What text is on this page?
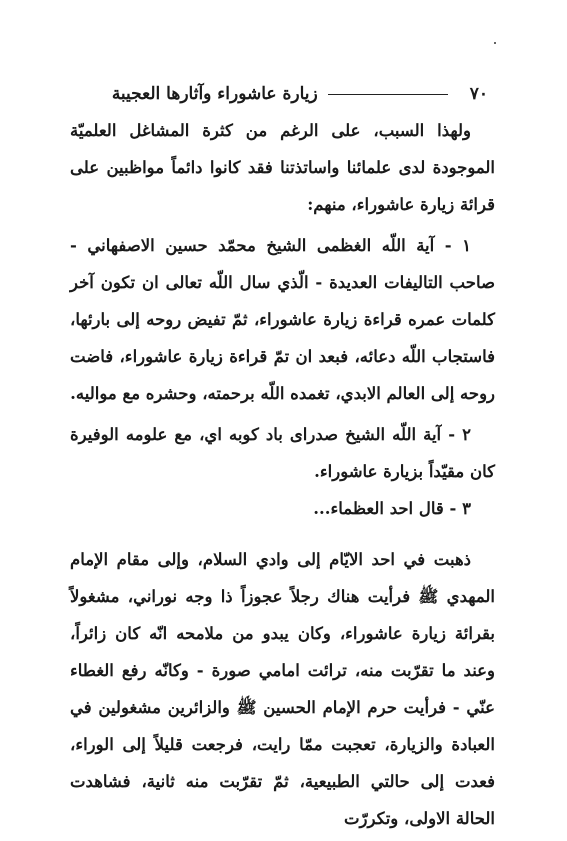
٧٠
زيارة عاشوراء وآثارها العجيبة

ولهذا السبب، على الرغم من كثرة المشاغل العلميّة الموجودة لدى علمائنا واساتذتنا فقد كانوا دائماً مواظبين على قرائة زيارة عاشوراء، منهم:

١ - آية اللّه الغظمى الشيخ محمّد حسين الاصفهاني - صاحب التاليفات العديدة - الّذي سال اللّه تعالى ان تكون آخر كلمات عمره قراءة زيارة عاشوراء، ثمّ تفيض روحه إلى بارئها، فاستجاب اللّه دعائه، فبعد ان تمّ قراءة زيارة عاشوراء، فاضت روحه إلى العالم الابدي، تغمده اللّه برحمته، وحشره مع مواليه.

٢ - آية اللّه الشيخ صدراى باد كوبه اي، مع علومه الوفيرة كان مقيّداً بزيارة عاشوراء.

٣ - قال احد العظماء...

ذهبت في احد الايّام إلى وادي السلام، وإلى مقام الإمام المهدي ﷺ فرأيت هناك رجلاً عجوزاً ذا وجه نوراني، مشغولاً بقرائة زيارة عاشوراء، وكان يبدو من ملامحه انّه كان زائراً، وعند ما تقرّبت منه، ترائت امامي صورة - وكانّه رفع الغطاء عنّي - فرأيت حرم الإمام الحسين ﷺ والزائرين مشغولين في العبادة والزيارة، تعجبت ممّا رايت، فرجعت قليلاً إلى الوراء، فعدت إلى حالتي الطبيعية، ثمّ تقرّبت منه ثانية، فشاهدت الحالة الاولى، وتكررّت
